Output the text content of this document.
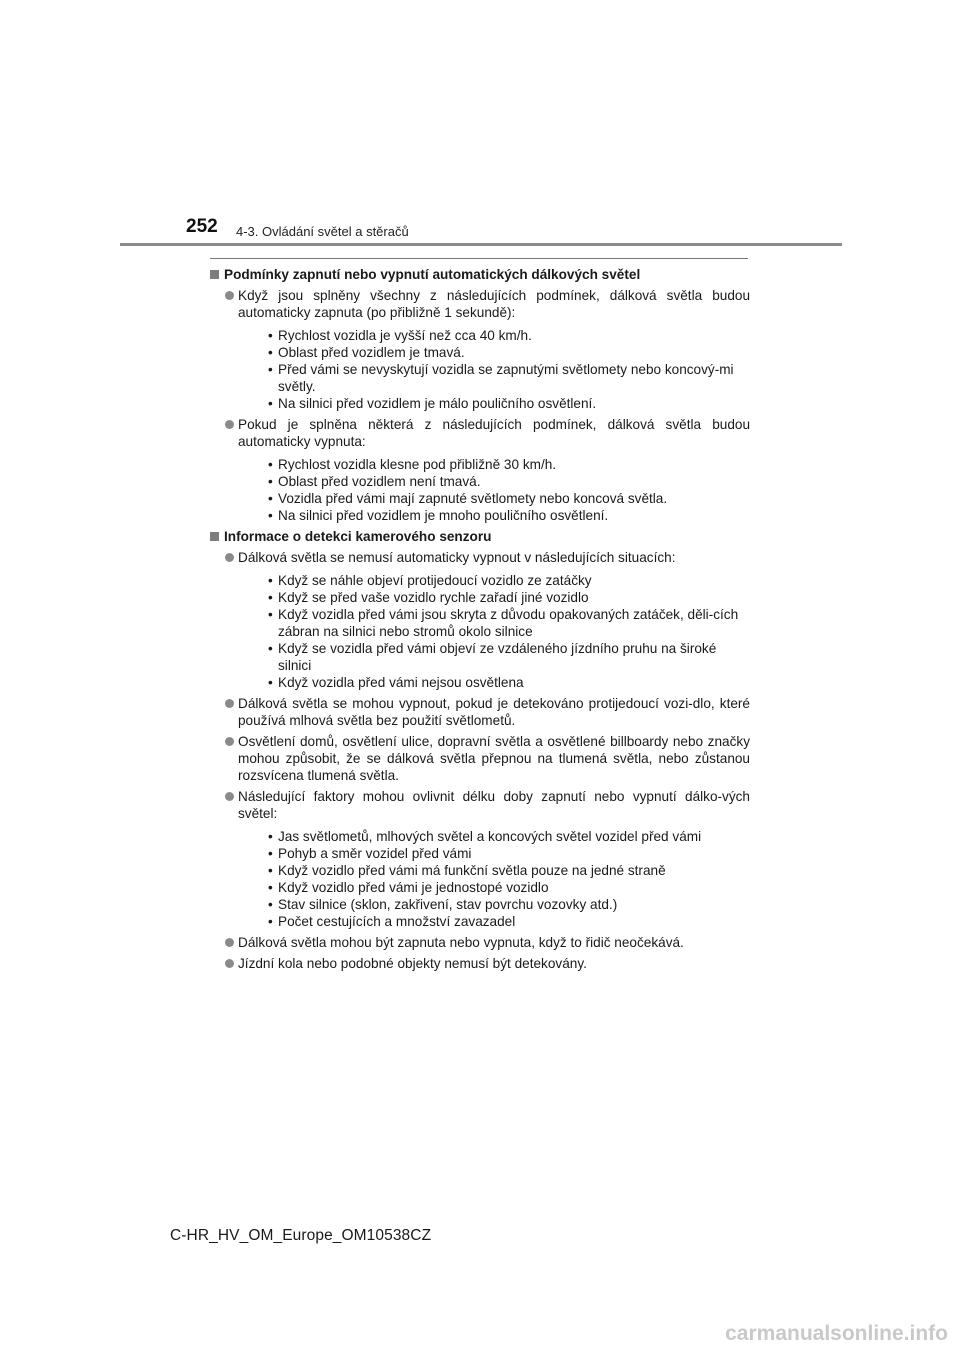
252 4-3. Ovládání světel a stěračů
Podmínky zapnutí nebo vypnutí automatických dálkových světel
Když jsou splněny všechny z následujících podmínek, dálková světla budou automaticky zapnuta (po přibližně 1 sekundě):
• Rychlost vozidla je vyšší než cca 40 km/h.
• Oblast před vozidlem je tmavá.
• Před vámi se nevyskytují vozidla se zapnutými světlomety nebo koncový-mi světly.
• Na silnici před vozidlem je málo pouličního osvětlení.
Pokud je splněna některá z následujících podmínek, dálková světla budou automaticky vypnuta:
• Rychlost vozidla klesne pod přibližně 30 km/h.
• Oblast před vozidlem není tmavá.
• Vozidla před vámi mají zapnuté světlomety nebo koncová světla.
• Na silnici před vozidlem je mnoho pouličního osvětlení.
Informace o detekci kamerového senzoru
Dálková světla se nemusí automaticky vypnout v následujících situacích:
• Když se náhle objeví protijedoucí vozidlo ze zatáčky
• Když se před vaše vozidlo rychle zařadí jiné vozidlo
• Když vozidla před vámi jsou skryta z důvodu opakovaných zatáček, děli-cích zábran na silnici nebo stromů okolo silnice
• Když se vozidla před vámi objeví ze vzdáleného jízdního pruhu na široké silnici
• Když vozidla před vámi nejsou osvětlena
Dálková světla se mohou vypnout, pokud je detekováno protijedoucí vozi-dlo, které používá mlhová světla bez použití světlometů.
Osvětlení domů, osvětlení ulice, dopravní světla a osvětlené billboardy nebo značky mohou způsobit, že se dálková světla přepnou na tlumená světla, nebo zůstanou rozsvícena tlumená světla.
Následující faktory mohou ovlivnit délku doby zapnutí nebo vypnutí dálko-vých světel:
• Jas světlometů, mlhových světel a koncových světel vozidel před vámi
• Pohyb a směr vozidel před vámi
• Když vozidlo před vámi má funkční světla pouze na jedné straně
• Když vozidlo před vámi je jednostopé vozidlo
• Stav silnice (sklon, zakřivení, stav povrchu vozovky atd.)
• Počet cestujících a množství zavazadel
Dálková světla mohou být zapnuta nebo vypnuta, když to řidič neočekává.
Jízdní kola nebo podobné objekty nemusí být detekovány.
C-HR_HV_OM_Europe_OM10538CZ
carmanualsonline.info
